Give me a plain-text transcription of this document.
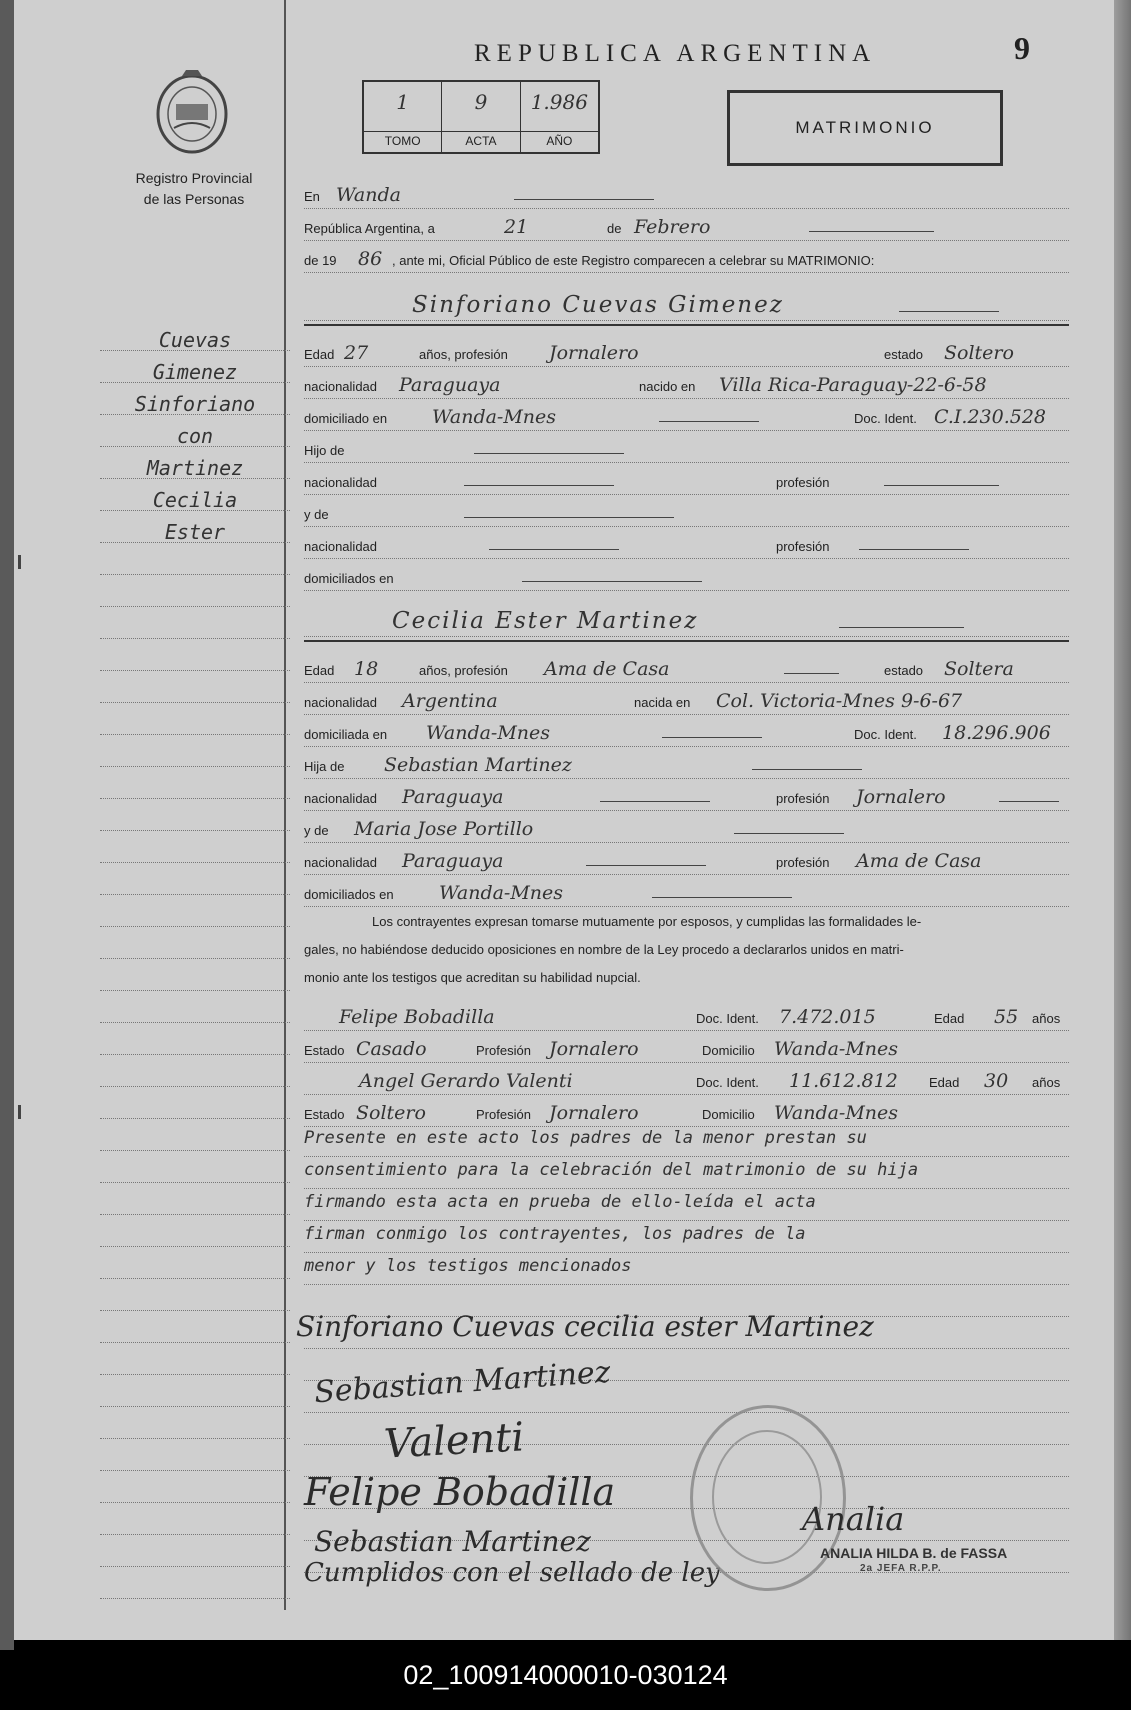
REPUBLICA ARGENTINA	9
1
TOMO
9
ACTA
1.986
AÑO
MATRIMONIO
Registro Provincial
de las Personas
Cuevas
Gimenez
Sinforiano
con
Martinez
Cecilia
Ester
En Wanda
República Argentina, a	21	de Febrero
de 19 86 , ante mi, Oficial Público de este Registro comparecen a celebrar su MATRIMONIO:
Sinforiano Cuevas Gimenez
Edad 27	años, profesión Jornalero	estado Soltero
nacionalidad Paraguaya	nacido en Villa Rica-Paraguay-22-6-58
domiciliado en Wanda-Mnes	Doc. Ident. C.I.230.528
Hijo de
nacionalidad	profesión
y de
nacionalidad	profesión
domiciliados en
Cecilia Ester Martinez
Edad 18	años, profesión Ama de Casa	estado Soltera
nacionalidad Argentina	nacida en Col. Victoria-Mnes 9-6-67
domiciliada en Wanda-Mnes	Doc. Ident. 18.296.906
Hija de Sebastian Martinez
nacionalidad Paraguaya	profesión Jornalero
y de Maria Jose Portillo
nacionalidad Paraguaya	profesión Ama de Casa
domiciliados en Wanda-Mnes
Los contrayentes expresan tomarse mutuamente por esposos, y cumplidas las formalidades le-
gales, no habiéndose deducido oposiciones en nombre de la Ley procedo a declararlos unidos en matri-
monio ante los testigos que acreditan su habilidad nupcial.
Felipe Bobadilla	Doc. Ident. 7.472.015	Edad 55 años
Estado Casado	Profesión Jornalero	Domicilio Wanda-Mnes
Angel Gerardo Valenti	Doc. Ident. 11.612.812 Edad 30 años
Estado Soltero	Profesión Jornalero	Domicilio Wanda-Mnes
Presente en este acto los padres de la menor prestan su
consentimiento para la celebración del matrimonio de su hija
firmando esta acta en prueba de ello-leída el acta
firman conmigo los contrayentes, los padres de la
menor y los testigos mencionados
Sinforiano Cuevas cecilia ester Martinez
Sebastian Martinez
Valenti
Felipe Bobadilla
Sebastian Martinez
Cumplidos con el sellado de ley
Analia
ANALIA HILDA B. de FASSA
2a JEFA R.P.P.
02_100914000010-030124
